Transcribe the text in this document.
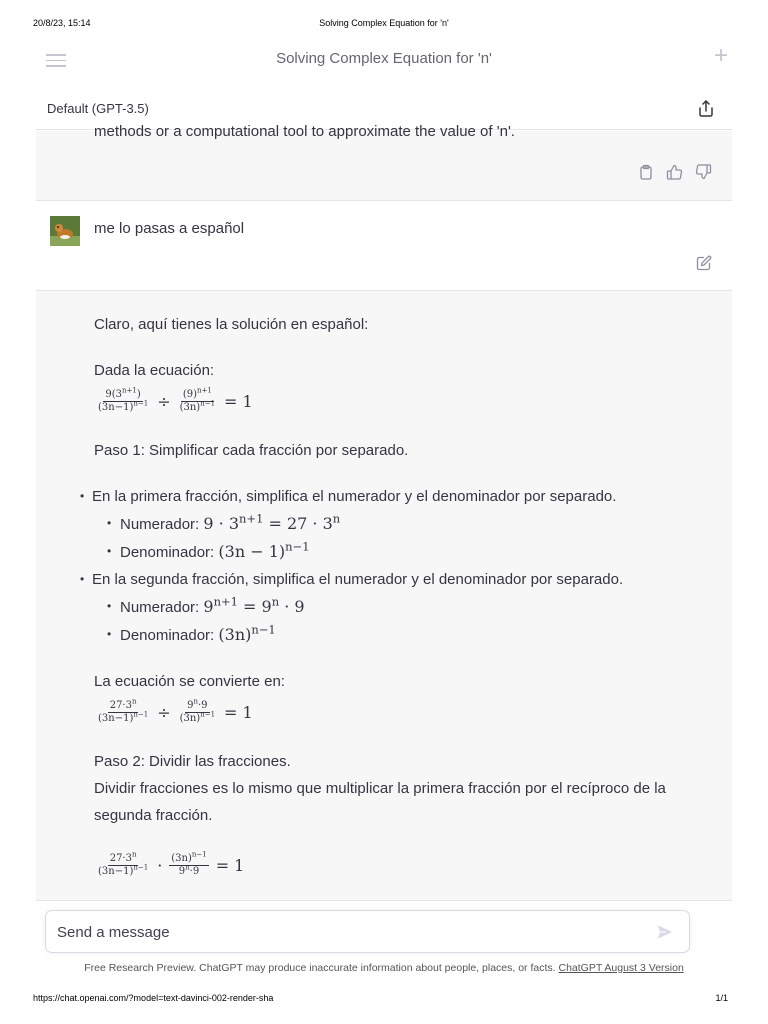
20/8/23, 15:14	Solving Complex Equation for 'n'
Solving Complex Equation for 'n'	+
Default (GPT-3.5)
methods or a computational tool to approximate the value of 'n'.
me lo pasas a español

Claro, aquí tienes la solución en español:

Dada la ecuación:

$\frac{9(3^{n+1})}{(3n-1)^{n-1}} \div \frac{(9)^{n+1}}{(3n)^{n-1}} = 1$

Paso 1: Simplificar cada fracción por separado.

• En la primera fracción, simplifica el numerador y el denominador por separado.
• Numerador: $9 \cdot 3^{n+1} = 27 \cdot 3^n$
• Denominador: $(3n - 1)^{n-1}$
• En la segunda fracción, simplifica el numerador y el denominador por separado.
• Numerador: $9^{n+1} = 9^n \cdot 9$
• Denominador: $(3n)^{n-1}$

La ecuación se convierte en:

$\frac{27\cdot 3^n}{(3n-1)^{n-1}} \div \frac{9^n\cdot 9}{(3n)^{n-1}} = 1$

Paso 2: Dividir las fracciones.

Dividir fracciones es lo mismo que multiplicar la primera fracción por el recíproco de la segunda fracción.

$\frac{27\cdot 3^n}{(3n-1)^{n-1}} \cdot \frac{(3n)^{n-1}}{9^n\cdot 9} = 1$

Send a message
Free Research Preview. ChatGPT may produce inaccurate information about people, places, or facts. ChatGPT August 3 Version
https://chat.openai.com/?model=text-davinci-002-render-sha	1/1
